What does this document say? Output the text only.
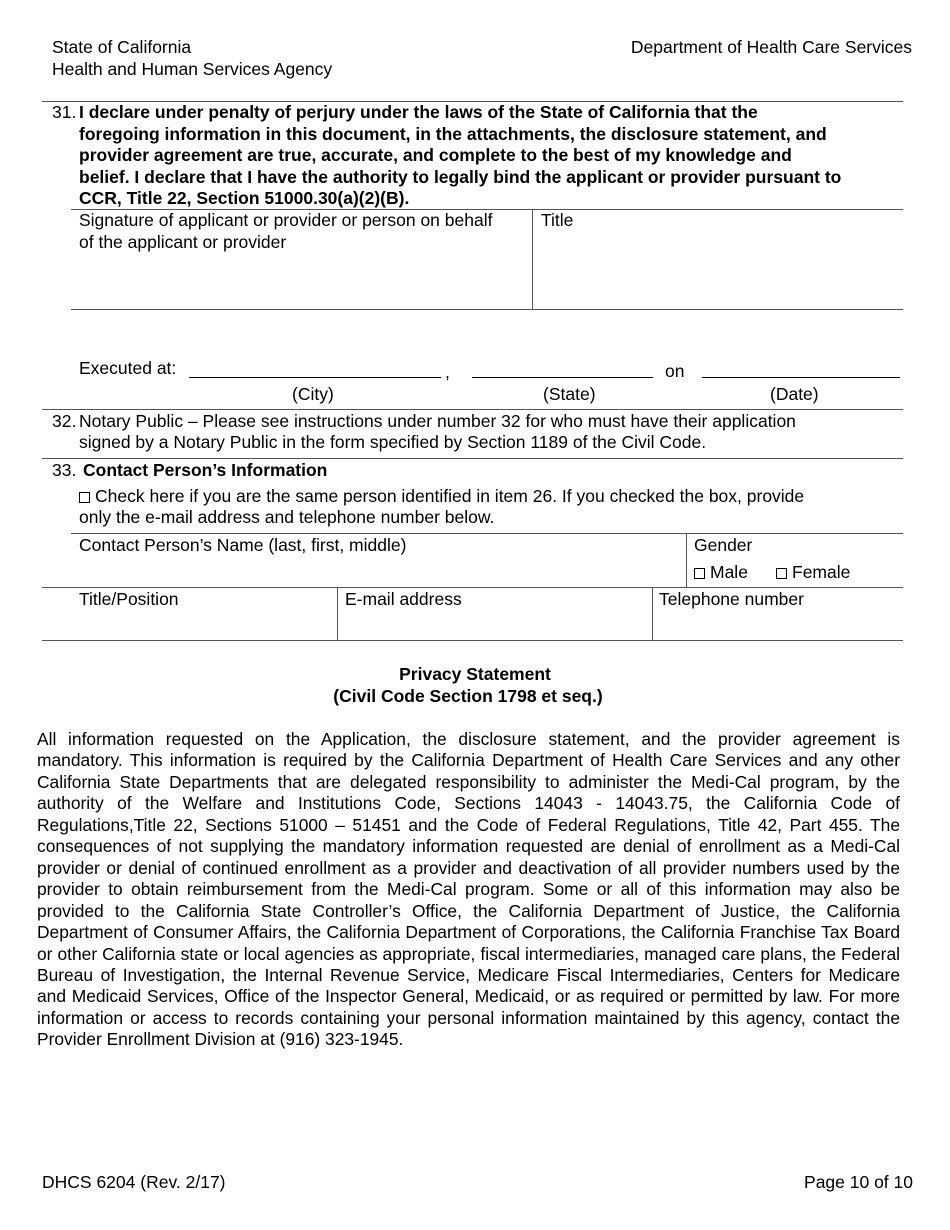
State of California
Health and Human Services Agency
Department of Health Care Services
31. I declare under penalty of perjury under the laws of the State of California that the
foregoing information in this document, in the attachments, the disclosure statement, and
provider agreement are true, accurate, and complete to the best of my knowledge and
belief. I declare that I have the authority to legally bind the applicant or provider pursuant to
CCR, Title 22, Section 51000.30(a)(2)(B).
Signature of applicant or provider or person on behalf
of the applicant or provider
Title
Executed at:	,	on
(City)	(State)	(Date)
32. Notary Public – Please see instructions under number 32 for who must have their application
signed by a Notary Public in the form specified by Section 1189 of the Civil Code.
33. Contact Person’s Information
Check here if you are the same person identified in item 26. If you checked the box, provide
only the e-mail address and telephone number below.
Contact Person’s Name (last, first, middle)	Gender
Male	Female
Title/Position	E-mail address	Telephone number
Privacy Statement
(Civil Code Section 1798 et seq.)
All information requested on the Application, the disclosure statement, and the provider agreement is mandatory. This information is required by the California Department of Health Care Services and any other California State Departments that are delegated responsibility to administer the Medi-Cal program, by the authority of the Welfare and Institutions Code, Sections 14043 - 14043.75, the California Code of Regulations,Title 22, Sections 51000 – 51451 and the Code of Federal Regulations, Title 42, Part 455. The consequences of not supplying the mandatory information requested are denial of enrollment as a Medi-Cal provider or denial of continued enrollment as a provider and deactivation of all provider numbers used by the provider to obtain reimbursement from the Medi-Cal program. Some or all of this information may also be provided to the California State Controller’s Office, the California Department of Justice, the California Department of Consumer Affairs, the California Department of Corporations, the California Franchise Tax Board or other California state or local agencies as appropriate, fiscal intermediaries, managed care plans, the Federal Bureau of Investigation, the Internal Revenue Service, Medicare Fiscal Intermediaries, Centers for Medicare and Medicaid Services, Office of the Inspector General, Medicaid, or as required or permitted by law. For more information or access to records containing your personal information maintained by this agency, contact the Provider Enrollment Division at (916) 323-1945.
DHCS 6204 (Rev. 2/17)	Page 10 of 10
